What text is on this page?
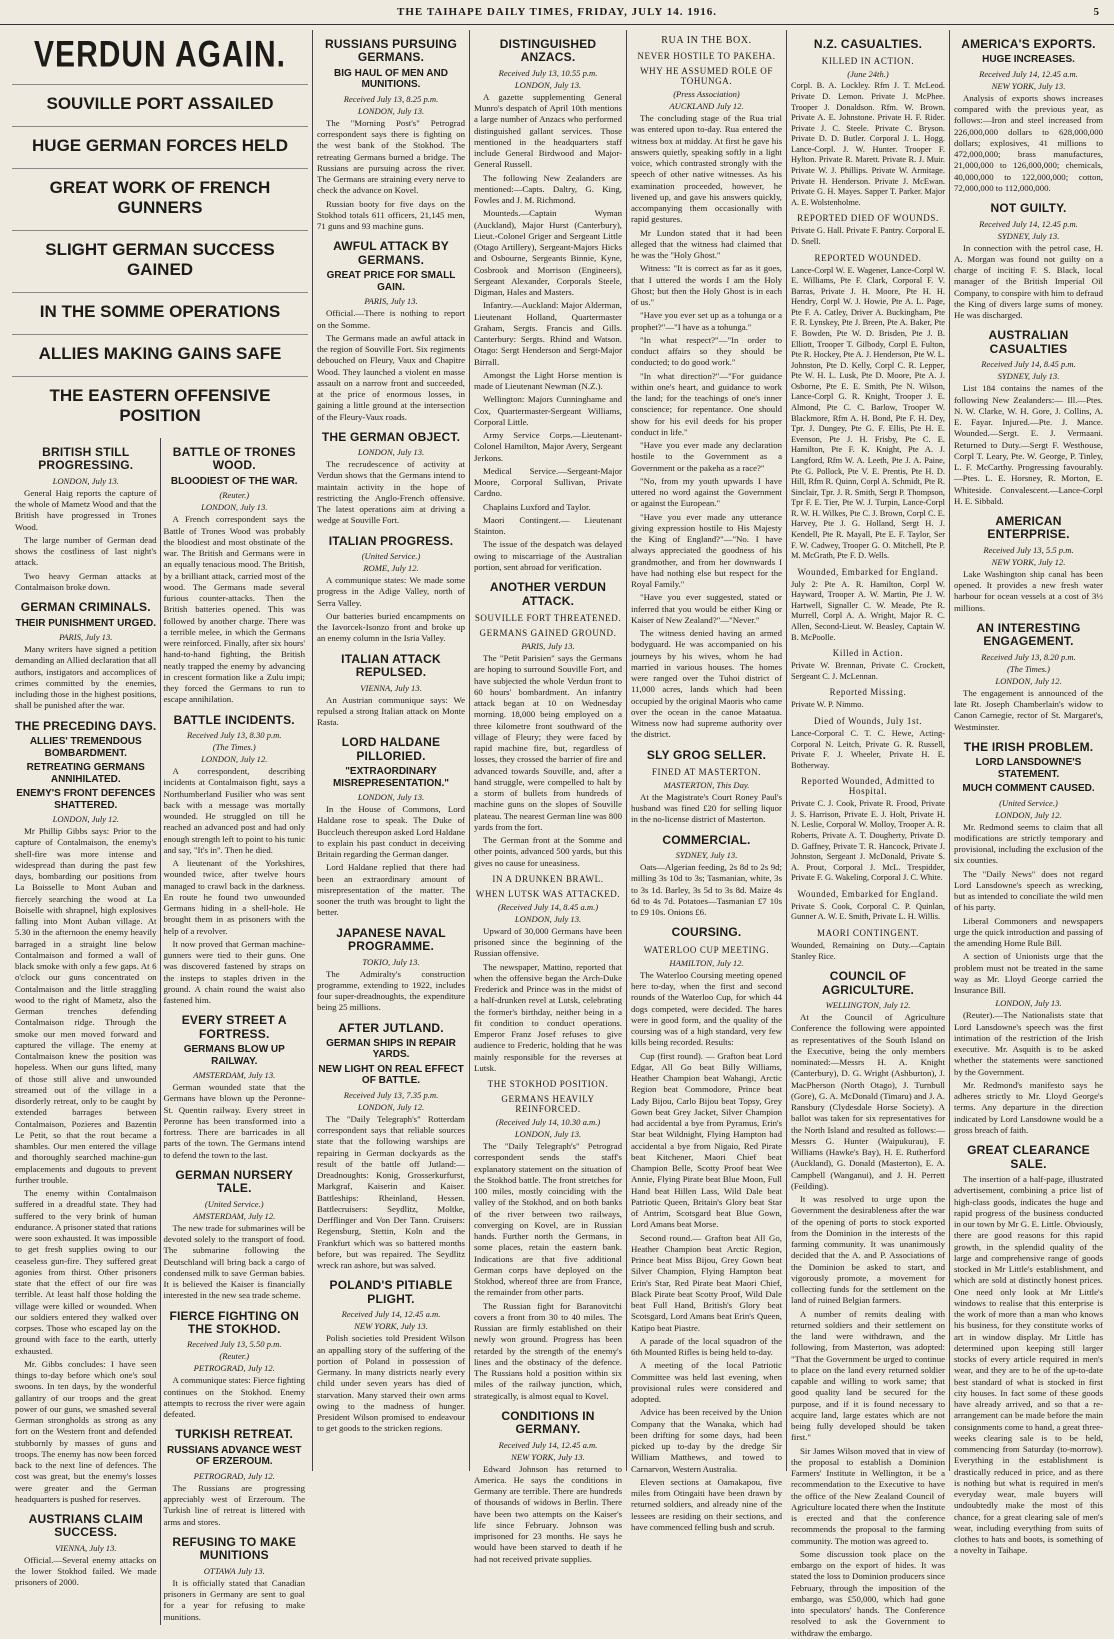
THE TAIHAPE DAILY TIMES, FRIDAY, JULY 14. 1916.	5
VERDUN AGAIN.
SOUVILLE PORT ASSAILED
HUGE GERMAN FORCES HELD
GREAT WORK OF FRENCH GUNNERS
SLIGHT GERMAN SUCCESS GAINED
IN THE SOMME OPERATIONS
ALLIES MAKING GAINS SAFE
THE EASTERN OFFENSIVE POSITION
BRITISH STILL PROGRESSING.
LONDON, July 13.

General Haig reports the capture of the whole of Mametz Wood and that the British have progressed in Trones Wood.

The large number of German dead shows the costliness of last night's attack.

Two heavy German attacks at Contalmaison broke down.

GERMAN CRIMINALS.
THEIR PUNISHMENT URGED.
PARIS, July 13.

Many writers have signed a petition demanding an Allied declaration that all authors, instigators and accomplices of crimes committed by the enemies, including those in the highest positions, shall be punished after the war.

THE PRECEDING DAYS.
ALLIES' TREMENDOUS BOMBARDMENT.
RETREATING GERMANS ANNIHILATED.
ENEMY'S FRONT DEFENCES SHATTERED.
LONDON, July 12.

Mr Phillip Gibbs says: Prior to the capture of Contalmaison, the enemy's shell-fire was more intense and widespread than during the past few days, bombarding our positions from La Boisselle to Mont Auban and fiercely searching the wood at La Boiselle with shrapnel, high explosives falling into Mont Auban village. At 5.30 in the afternoon the enemy heavily barraged in a straight line below Contalmaison and formed a wall of black smoke with only a few gaps. At 6 o'clock our guns concentrated on Contalmaison and the little straggling wood to the right of Mametz, also the German trenches defending Contalmaison ridge. Through the smoke our men moved forward and captured the village. The enemy at Contalmaison knew the position was hopeless. When our guns lifted, many of those still alive and unwounded streamed out of the village in a disorderly retreat, only to be caught by extended barrages between Contalmaison, Pozieres and Bazentin Le Petit, so that the rout became a shambles. Our men entered the village and thoroughly searched machine-gun emplacements and dugouts to prevent further trouble.

The enemy within Contalmaison suffered in a dreadful state. They had suffered to the very brink of human endurance. A prisoner stated that rations were soon exhausted. It was impossible to get fresh supplies owing to our ceaseless gun-fire. They suffered great agonies from thirst. Other prisoners state that the effect of our fire was terrible. At least half those holding the village were killed or wounded. When our soldiers entered they walked over corpses. Those who escaped lay on the ground with face to the earth, utterly exhausted.

Mr. Gibbs concludes: I have seen things to-day before which one's soul swoons. In ten days, by the wonderful gallantry of our troops and the great power of our guns, we smashed several German strongholds as strong as any fort on the Western front and defended stubbornly by masses of guns and troops. The enemy has now been forced back to the next line of defences. The cost was great, but the enemy's losses were greater and the German headquarters is pushed for reserves.

AUSTRIANS CLAIM SUCCESS.
VIENNA, July 13.

Official.—Several enemy attacks on the lower Stokhod failed. We made prisoners of 2000.

BATTLE OF TRONES WOOD.
BLOODIEST OF THE WAR.
(Reuter.)
LONDON, July 13.

A French correspondent says the Battle of Trones Wood was probably the bloodiest and most obstinate of the war. The British and Germans were in an equally tenacious mood. The British, by a brilliant attack, carried most of the wood. The Germans made several furious counter-attacks. Then the British batteries opened. This was followed by another charge. There was a terrible melee, in which the Germans were reinforced. Finally, after six hours' hand-to-hand fighting, the British neatly trapped the enemy by advancing in crescent formation like a Zulu impi; they forced the Germans to run to escape annihilation.

BATTLE INCIDENTS.
Received July 13, 8.30 p.m.
(The Times.)
LONDON, July 12.

A correspondent, describing incidents at Contalmaison fight, says a Northumberland Fusilier who was sent back with a message was mortally wounded. He struggled on till he reached an advanced post and had only enough strength left to point to his tunic and say, "It's in". Then he died.

A lieutenant of the Yorkshires, wounded twice, after twelve hours managed to crawl back in the darkness. En route he found two unwounded Germans hiding in a shell-hole. He brought them in as prisoners with the help of a revolver.

It now proved that German machine-gunners were tied to their guns. One was discovered fastened by straps on the insteps to staples driven in the ground. A chain round the waist also fastened him.

EVERY STREET A FORTRESS.
GERMANS BLOW UP RAILWAY.
AMSTERDAM, July 13.

German wounded state that the Germans have blown up the Peronne-St. Quentin railway. Every street in Peronne has been transformed into a fortress. There are barricades in all parts of the town. The Germans intend to defend the town to the last.

GERMAN NURSERY TALE.
(United Service.)
AMSTERDAM, July 12.

The new trade for submarines will be devoted solely to the transport of food. The submarine following the Deutschland will bring back a cargo of condensed milk to save German babies. It is believed the Kaiser is financially interested in the new sea trade scheme.

FIERCE FIGHTING ON THE STOKHOD.
Received July 13, 5.50 p.m.
(Reuter.)
PETROGRAD, July 12.

A communique states: Fierce fighting continues on the Stokhod. Enemy attempts to recross the river were again defeated.

TURKISH RETREAT.
RUSSIANS ADVANCE WEST OF ERZEROUM.
PETROGRAD, July 12.

The Russians are progressing appreciably west of Erzeroum. The Turkish line of retreat is littered with arms and stores.

REFUSING TO MAKE MUNITIONS
OTTAWA July 13.

It is officially stated that Canadian prisoners in Germany are sent to goal for a year for refusing to make munitions.

RUSSIANS PURSUING GERMANS.
BIG HAUL OF MEN AND MUNITIONS.
Received July 13, 8.25 p.m.
LONDON, July 13.

The "Morning Post's" Petrograd correspondent says there is fighting on the west bank of the Stokhod. The retreating Germans burned a bridge. The Russians are pursuing across the river. The Germans are straining every nerve to check the advance on Kovel.

Russian booty for five days on the Stokhod totals 611 officers, 21,145 men, 71 guns and 93 machine guns.

AWFUL ATTACK BY GERMANS.
GREAT PRICE FOR SMALL GAIN.
PARIS, July 13.

Official.—There is nothing to report on the Somme.

The Germans made an awful attack in the region of Souville Fort. Six regiments debouched on Fleury, Vaux and Chapitre Wood. They launched a violent en masse assault on a narrow front and succeeded, at the price of enormous losses, in gaining a little ground at the intersection of the Fleury-Vaux roads.

THE GERMAN OBJECT.
LONDON, July 13.

The recrudescence of activity at Verdun shows that the Germans intend to maintain activity in the hope of restricting the Anglo-French offensive. The latest operations aim at driving a wedge at Souville Fort.

ITALIAN PROGRESS.
(United Service.)
ROME, July 12.

A communique states: We made some progress in the Adige Valley, north of Serra Valley.

Our batteries buried encampments on the Iavorcek-Isonzo front and broke up an enemy column in the Isria Valley.

ITALIAN ATTACK REPULSED.
VIENNA, July 13.

An Austrian communique says: We repulsed a strong Italian attack on Monte Rasta.

LORD HALDANE PILLORIED.
"EXTRAORDINARY MISREPRESENTATION."
LONDON, July 13.

In the House of Commons, Lord Haldane rose to speak. The Duke of Buccleuch thereupon asked Lord Haldane to explain his past conduct in deceiving Britain regarding the German danger.

Lord Haldane replied that there had been an extraordinary amount of misrepresentation of the matter. The sooner the truth was brought to light the better.

JAPANESE NAVAL PROGRAMME.
TOKIO, July 13.

The Admiralty's construction programme, extending to 1922, includes four super-dreadnoughts, the expenditure being 25 millions.

AFTER JUTLAND.
GERMAN SHIPS IN REPAIR YARDS.
NEW LIGHT ON REAL EFFECT OF BATTLE.
Received July 13, 7.35 p.m.
LONDON, July 12.

The "Daily Telegraph's" Rotterdam correspondent says that reliable sources state that the following warships are repairing in German dockyards as the result of the battle off Jutland:— Dreadnoughts: Konig, Grosserkurfurst, Markgraf, Kaiserin and Kaiser. Battleships: Rheinland, Hessen. Battlecruisers: Seydlitz, Moltke, Derfflinger and Von Der Tann. Cruisers: Regensburg, Stettin, Koln and the Frankfurt which was so battered months before, but was repaired. The Seydlitz wreck ran ashore, but was salved.

POLAND'S PITIABLE PLIGHT.
Received July 14, 12.45 a.m.
NEW YORK, July 13.

Polish societies told President Wilson an appalling story of the suffering of the portion of Poland in possession of Germany. In many districts nearly every child under seven years has died of starvation. Many starved their own arms owing to the madness of hunger. President Wilson promised to endeavour to get goods to the stricken regions.

DISTINGUISHED ANZACS.
Received July 13, 10.55 p.m.
LONDON, July 13.

A gazette supplementing General Munro's despatch of April 10th mentions a large number of Anzacs who performed distinguished gallant services. Those mentioned in the headquarters staff include General Birdwood and Major-General Russell.

The following New Zealanders are mentioned:—Capts. Daltry, G. King, Fowles and J. M. Richmond.

Mounteds.—Captain Wyman (Auckland), Major Hurst (Canterbury), Lieut.-Colonel Griger and Sergeant Little (Otago Artillery), Sergeant-Majors Hicks and Osbourne, Sergeants Binnie, Kyne, Cosbrook and Morrison (Engineers), Sergeant Alexander, Corporals Steele, Digman, Hales and Masters.

Infantry.—Auckland: Major Alderman, Lieutenant Holland, Quartermaster Graham, Sergts. Francis and Gills. Canterbury: Sergts. Rhind and Watson. Otago: Sergt Henderson and Sergt-Major Birrall.

Amongst the Light Horse mention is made of Lieutenant Newman (N.Z.).

Wellington: Majors Cunninghame and Cox, Quartermaster-Sergeant Williams, Corporal Little.

Army Service Corps.—Lieutenant-Colonel Hamilton, Major Avery, Sergeant Jerkons.

Medical Service.—Sergeant-Major Moore, Corporal Sullivan, Private Cardno.

Chaplains Luxford and Taylor.

Maori Contingent.— Lieutenant Stainton.

The issue of the despatch was delayed owing to miscarriage of the Australian portion, sent abroad for verification.

ANOTHER VERDUN ATTACK.
SOUVILLE FORT THREATENED.
GERMANS GAINED GROUND.
PARIS, July 13.

The "Petit Parisien" says the Germans are hoping to surround Souville Fort, and have subjected the whole Verdun front to 60 hours' bombardment. An infantry attack began at 10 on Wednesday morning. 18,000 being employed on a three kilometre front southward of the village of Fleury; they were faced by rapid machine fire, but, regardless of losses, they crossed the barrier of fire and advanced towards Souville, and, after a hand struggle, were compelled to halt by a storm of bullets from hundreds of machine guns on the slopes of Souville plateau. The nearest German line was 800 yards from the fort.

The German front at the Somme and other points, advanced 500 yards, but this gives no cause for uneasiness.

IN A DRUNKEN BRAWL.
WHEN LUTSK WAS ATTACKED.
(Received July 14, 8.45 a.m.)
LONDON, July 13.

Upward of 30,000 Germans have been prisoned since the beginning of the Russian offensive.

The newspaper, Mattino, reported that when the offensive began the Arch-Duke Frederick and Prince was in the midst of a half-drunken revel at Lutsk, celebrating the former's birthday, neither being in a fit condition to conduct operations. Emperor Franz Josef refuses to give audience to Frederic, holding that he was mainly responsible for the reverses at Lutsk.

THE STOKHOD POSITION.
GERMANS HEAVILY REINFORCED.
(Received July 14, 10.30 a.m.)
LONDON, July 13.

The "Daily Telegraph's" Petrograd correspondent sends the staff's explanatory statement on the situation of the Stokhod battle. The front stretches for 100 miles, mostly coinciding with the valley of the Stokhod, and on both banks of the river between two railways, converging on Kovel, are in Russian hands. Further north the Germans, in some places, retain the eastern bank. Indications are that five additional German corps have deployed on the Stokhod, whereof three are from France, the remainder from other parts.

The Russian fight for Baranovitchi covers a front from 30 to 40 miles. The Russian are firmly established on their newly won ground. Progress has been retarded by the strength of the enemy's lines and the obstinacy of the defence. The Russians hold a position within six miles of the railway junction, which, strategically, is almost equal to Kovel.

CONDITIONS IN GERMANY.
Received July 14, 12.45 a.m.
NEW YORK, July 13.

Edward Johnson has returned to America. He says the conditions in Germany are terrible. There are hundreds of thousands of widows in Berlin. There have been two attempts on the Kaiser's life since February. Johnson was imprisoned for 23 months. He says he would have been starved to death if he had not received private supplies.

RUA IN THE BOX.
NEVER HOSTILE TO PAKEHA.
WHY HE ASSUMED ROLE OF TOHUNGA.
(Press Association)
AUCKLAND July 12.

The concluding stage of the Rua trial was entered upon to-day. Rua entered the witness box at midday. At first he gave his answers quietly, speaking softly in a light voice, which contrasted strongly with the speech of other native witnesses. As his examination proceeded, however, he livened up, and gave his answers quickly, accompanying them occasionally with rapid gestures.

Mr Lundon stated that it had been alleged that the witness had claimed that he was the "Holy Ghost."

Witness: "It is correct as far as it goes, that I uttered the words I am the Holy Ghost; but then the Holy Ghost is in each of us."

"Have you ever set up as a tohunga or a prophet?"—"I have as a tohunga."

"In what respect?"—"In order to conduct affairs so they should be conducted; to do good work."

"In what direction?"—"For guidance within one's heart, and guidance to work the land; for the teachings of one's inner conscience; for repentance. One should show for his evil deeds for his proper conduct in life."

"Have you ever made any declaration hostile to the Government as a Government or the pakeha as a race?"

"No, from my youth upwards I have uttered no word against the Government or against the European."

"Have you ever made any utterance giving expression hostile to His Majesty the King of England?"—"No. I have always appreciated the goodness of his grandmother, and from her downwards I have had nothing else but respect for the Royal Family."

"Have you ever suggested, stated or inferred that you would be either King or Kaiser of New Zealand?"—"Never."

The witness denied having an armed bodyguard. He was accompanied on his journeys by his wives, whom he had married in various houses. The homes were ranged over the Tuhoi district of 11,000 acres, lands which had been occupied by the original Maoris who came over the ocean in the canoe Mataatua. Witness now had supreme authority over the district.

SLY GROG SELLER.
FINED AT MASTERTON.
MASTERTON, This Day.

At the Magistrate's Court Roney Paul's husband was fined £20 for selling liquor in the no-license district of Masterton.

COMMERCIAL.
SYDNEY, July 13.

Oats—Algerian feeding, 2s 8d to 2s 9d; milling 3s 10d to 3s; Tasmanian, white, 3s to 3s 1d. Barley, 3s 5d to 3s 8d. Maize 4s 6d to 4s 7d. Potatoes—Tasmanian £7 10s to £9 10s. Onions £6.

COURSING.
WATERLOO CUP MEETING.
HAMILTON, July 12.

The Waterloo Coursing meeting opened here to-day, when the first and second rounds of the Waterloo Cup, for which 44 dogs competed, were decided. The hares were in good form, and the quality of the coursing was of a high standard, very few kills being recorded. Results:

Cup (first round). — Grafton beat Lord Edgar, All Go beat Billy Williams, Heather Champion beat Wahangi, Arctic Region beat Commodore, Prince beat Lady Bijou, Carlo Bijou beat Topsy, Grey Gown beat Grey Jacket, Silver Champion had accidental a bye from Pyramus, Erin's Star beat Wildnight, Flying Hampton had accidental a bye from Nigaio, Red Pirate beat Kitchener, Maori Chief beat Champion Belle, Scotty Proof beat Wee Annie, Flying Pirate beat Blue Moon, Full Hand beat Hillen Lass, Wild Dale beat Patriotic Queen, Britain's Glory beat Star of Antrim, Scotsgard beat Blue Gown, Lord Amans beat Morse.

Second round.— Grafton beat All Go, Heather Champion beat Arctic Region, Prince beat Miss Bijou, Grey Gown beat Silver Champion, Flying Hampton beat Erin's Star, Red Pirate beat Maori Chief, Black Pirate beat Scotty Proof, Wild Dale beat Full Hand, British's Glory beat Scotsgard, Lord Amans beat Erin's Queen, Katipo beat Piastre.

A parade of the local squadron of the 6th Mounted Rifles is being held to-day.

A meeting of the local Patriotic Committee was held last evening, when provisional rules were considered and adopted.

Advice has been received by the Union Company that the Wanaka, which had been drifting for some days, had been picked up to-day by the dredge Sir William Matthews, and towed to Carnarvon, Western Australia.

Eleven sections at Oamakapou, five miles from Otingaiti have been drawn by returned soldiers, and already nine of the lessees are residing on their sections, and have commenced felling bush and scrub.

N.Z. CASUALTIES.
KILLED IN ACTION.
(June 24th.)
Corpl. B. A. Lockley. Rfm J. T. McLeod. Private D. Lemon. Private J. McPhee. Trooper J. Donaldson. Rfm. W. Brown. Private A. E. Johnstone. Private H. F. Rider. Private J. C. Steele. Private C. Bryson. Private D. D. Butler. Corporal J. L. Hogg. Lance-Corpl. J. W. Hunter. Trooper F. Hylton. Private R. Marett. Private R. J. Muir. Private W. J. Phillips. Private W. Armitage. Private H. Henderson. Private J. McEwan. Private G. H. Mayes. Sapper T. Parker. Major A. E. Wolstenholme.
REPORTED DIED OF WOUNDS.
Private G. Hall. Private F. Pantry. Corporal E. D. Snell.
REPORTED WOUNDED.
Lance-Corpl W. E. Wagener, Lance-Corpl W. E. Williams, Pte F. Clark, Corporal F. V. Barras, Private J. H. Moore, Pte H. H. Hendry, Corpl W. J. Howie, Pte A. L. Page, Pte F. A. Catley, Driver A. Buckingham, Pte F. R. Lynskey, Pte J. Breen, Pte A. Baker, Pte F. Bowden, Pte W. D. Brisden, Pte J. B. Elliott, Trooper T. Gilbody, Corpl E. Fulton, Pte R. Hockey, Pte A. J. Henderson, Pte W. L. Johnston, Pte D. Kelly, Corpl C. R. Lepper, Pte W. H. L. Lusk, Pte D. Moore, Pte A. J. Osborne, Pte E. E. Smith, Pte N. Wilson, Lance-Corpl G. R. Knight, Trooper J. E. Almond, Pte C. C. Barlow, Trooper W. Blackmore, Rfm A. H. Bond, Pte F. H. Dey, Tpr. J. Dungey, Pte G. F. Ellis, Pte H. E. Evenson, Pte J. H. Frisby, Pte C. E. Hamilton, Pte F. K. Knight, Pte A. J. Langford, Rfm W. A. Leeth, Pte J. A. Paine, Pte G. Pollock, Pte V. E. Prentis, Pte H. D. Hill, Rfm R. Quinn, Corpl A. Schmidt, Pte R. Sinclair, Tpr. J. R. Smith, Sergt P. Thompson, Tpr F. E. Tier, Pte W. J. Turpin, Lance-Corpl R. W. H. Wilkes, Pte C. J. Brown, Corpl C. E. Harvey, Pte J. G. Holland, Sergt H. J. Kendell, Pte R. Mayall, Pte E. F. Taylor, Ser F. W. Cadwey, Trooper G. O. Mitchell, Pte P. M. McGrath, Pte F. D. Wells.
Wounded, Embarked for England.
July 2: Pte A. R. Hamilton, Corpl W. Hayward, Trooper A. W. Martin, Pte J. W. Hartwell, Signaller C. W. Meade, Pte R. Murrell, Corpl A. A. Wright, Major R. C. Allen, Second-Lieut. W. Beasley, Captain W. B. McPoolle.
Killed in Action.
Private W. Brennan, Private C. Crockett, Sergeant C. J. McLennan.
Reported Missing.
Private W. P. Nimmo.
Died of Wounds, July 1st.
Lance-Corporal C. T. C. Hewe, Acting-Corporal N. Leitch, Private G. R. Russell, Private F. J. Wheeler, Private H. E. Botherway.
Reported Wounded, Admitted to Hospital.
Private C. J. Cook, Private R. Frood, Private J. S. Harrison, Private E. J. Holt, Private H. N. Leslie, Corporal W. Molloy, Trooper A. R. Roberts, Private A. T. Dougherty, Private D. D. Gaffney, Private T. R. Hancock, Private J. Johnston, Sergeant J. McDonald, Private S. A. Prout, Corporal J. McL. Trespidder, Private F. G. Wakeling, Corporal J. C. White.
Wounded, Embarked for England.
Private S. Cook, Corporal C. P. Quinlan, Gunner A. W. E. Smith, Private L. H. Willis.
MAORI CONTINGENT.
Wounded, Remaining on Duty.—Captain Stanley Rice.
COUNCIL OF AGRICULTURE.
WELLINGTON, July 12.

At the Council of Agriculture Conference the following were appointed as representatives of the South Island on the Executive, being the only members nominated:—Messrs H. A. Knight (Canterbury), D. G. Wright (Ashburton), J. MacPherson (North Otago), J. Turnbull (Gore), G. A. McDonald (Timaru) and J. A. Ransbury (Clydesdale Horse Society). A ballot was taken for six representatives for the North Island and resulted as follows:—Messrs G. Hunter (Waipukurau), F. Williams (Hawke's Bay), H. E. Rutherford (Auckland), G. Donald (Masterton), E. A. Campbell (Wanganui), and J. H. Perrett (Feilding).

It was resolved to urge upon the Government the desirableness after the war of the opening of ports to stock exported from the Dominion in the interests of the farming community. It was unanimously decided that the A. and P. Associations of the Dominion be asked to start, and vigorously promote, a movement for collecting funds for the settlement on the land of ruined Belgian farmers.

A number of remits dealing with returned soldiers and their settlement on the land were withdrawn, and the following, from Masterton, was adopted: "That the Government be urged to continue to place on the land every returned soldier capable and willing to work same; that good quality land be secured for the purpose, and if it is found necessary to acquire land, large estates which are not being fully developed should be taken first."

Sir James Wilson moved that in view of the proposal to establish a Dominion Farmers' Institute in Wellington, it be a recommendation to the Executive to have the office of the New Zealand Council of Agriculture located there when the Institute is erected and that the conference recommends the proposal to the farming community. The motion was agreed to.

Some discussion took place on the embargo on the export of hides. It was stated the loss to Dominion producers since February, through the imposition of the embargo, was £50,000, which had gone into speculators' hands. The Conference resolved to ask the Government to withdraw the embargo.

AMERICA'S EXPORTS.
HUGE INCREASES.
Received July 14, 12.45 a.m.
NEW YORK, July 13.

Analysis of exports shows increases compared with the previous year, as follows:—Iron and steel increased from 226,000,000 dollars to 628,000,000 dollars; explosives, 41 millions to 472,000,000; brass manufactures, 21,000,000 to 126,000,000; chemicals, 40,000,000 to 122,000,000; cotton, 72,000,000 to 112,000,000.

NOT GUILTY.
Received July 14, 12.45 p.m.
SYDNEY, July 13.

In connection with the petrol case, H. A. Morgan was found not guilty on a charge of inciting F. S. Black, local manager of the British Imperial Oil Company, to conspire with him to defraud the King of divers large sums of money. He was discharged.

AUSTRALIAN CASUALTIES
Received July 14, 8.45 p.m.
SYDNEY, July 13.

List 184 contains the names of the following New Zealanders:— Ill.—Ptes. N. W. Clarke, W. H. Gore, J. Collins, A. E. Fayar. Injured.—Pte. J. Mance. Wounded.—Sergt. E. J. Vermaani. Returned to Duty.—Sergt F. Westhouse, Corpl T. Leary, Pte. W. George, P. Tinley, L. F. McCarthy. Progressing favourably.—Ptes. L. E. Horsney, R. Morton, E. Whiteside. Convalescent.—Lance-Corpl H. E. Sibbald.

AMERICAN ENTERPRISE.
Received July 13, 5.5 p.m.
NEW YORK, July 12.

Lake Washington ship canal has been opened. It provides a new fresh water harbour for ocean vessels at a cost of 3½ millions.

AN INTERESTING ENGAGEMENT.
Received July 13, 8.20 p.m.
(The Times.)
LONDON, July 12.

The engagement is announced of the late Rt. Joseph Chamberlain's widow to Canon Carnegie, rector of St. Margaret's, Westminster.

THE IRISH PROBLEM.
LORD LANSDOWNE'S STATEMENT.
MUCH COMMENT CAUSED.
(United Service.)
LONDON, July 12.

Mr. Redmond seems to claim that all modifications are strictly temporary and provisional, including the exclusion of the six counties.

The "Daily News" does not regard Lord Lansdowne's speech as wrecking, but as intended to conciliate the wild men of his party.

Liberal Commoners and newspapers urge the quick introduction and passing of the amending Home Rule Bill.

A section of Unionists urge that the problem must not be treated in the same way as Mr. Lloyd George carried the Insurance Bill.

LONDON, July 13.

(Reuter).—The Nationalists state that Lord Lansdowne's speech was the first intimation of the restriction of the Irish executive. Mr. Asquith is to be asked whether the statements were sanctioned by the Government.

Mr. Redmond's manifesto says he adheres strictly to Mr. Lloyd George's terms. Any departure in the direction indicated by Lord Lansdowne would be a gross breach of faith.

GREAT CLEARANCE SALE.

The insertion of a half-page, illustrated advertisement, combining a price list of high-class goods, indicates the huge and rapid progress of the business conducted in our town by Mr G. E. Little. Obviously, there are good reasons for this rapid growth, in the splendid quality of the large and comprehensive range of goods stocked in Mr Little's establishment, and which are sold at distinctly honest prices. One need only look at Mr Little's windows to realise that this enterprise is the work of more than a man who knows his business, for they constitute works of art in window display. Mr Little has determined upon keeping still larger stocks of every article required in men's wear, and they are to be of the up-to-date best standard of what is stocked in first city houses. In fact some of these goods have already arrived, and so that a re-arrangement can be made before the main consignments come to hand, a great three-weeks clearing sale is to be held, commencing from Saturday (to-morrow). Everything in the establishment is drastically reduced in price, and as there is nothing but what is required in men's everyday wear, male buyers will undoubtedly make the most of this chance, for a great clearing sale of men's wear, including everything from suits of clothes to hats and boots, is something of a novelty in Taihape.
